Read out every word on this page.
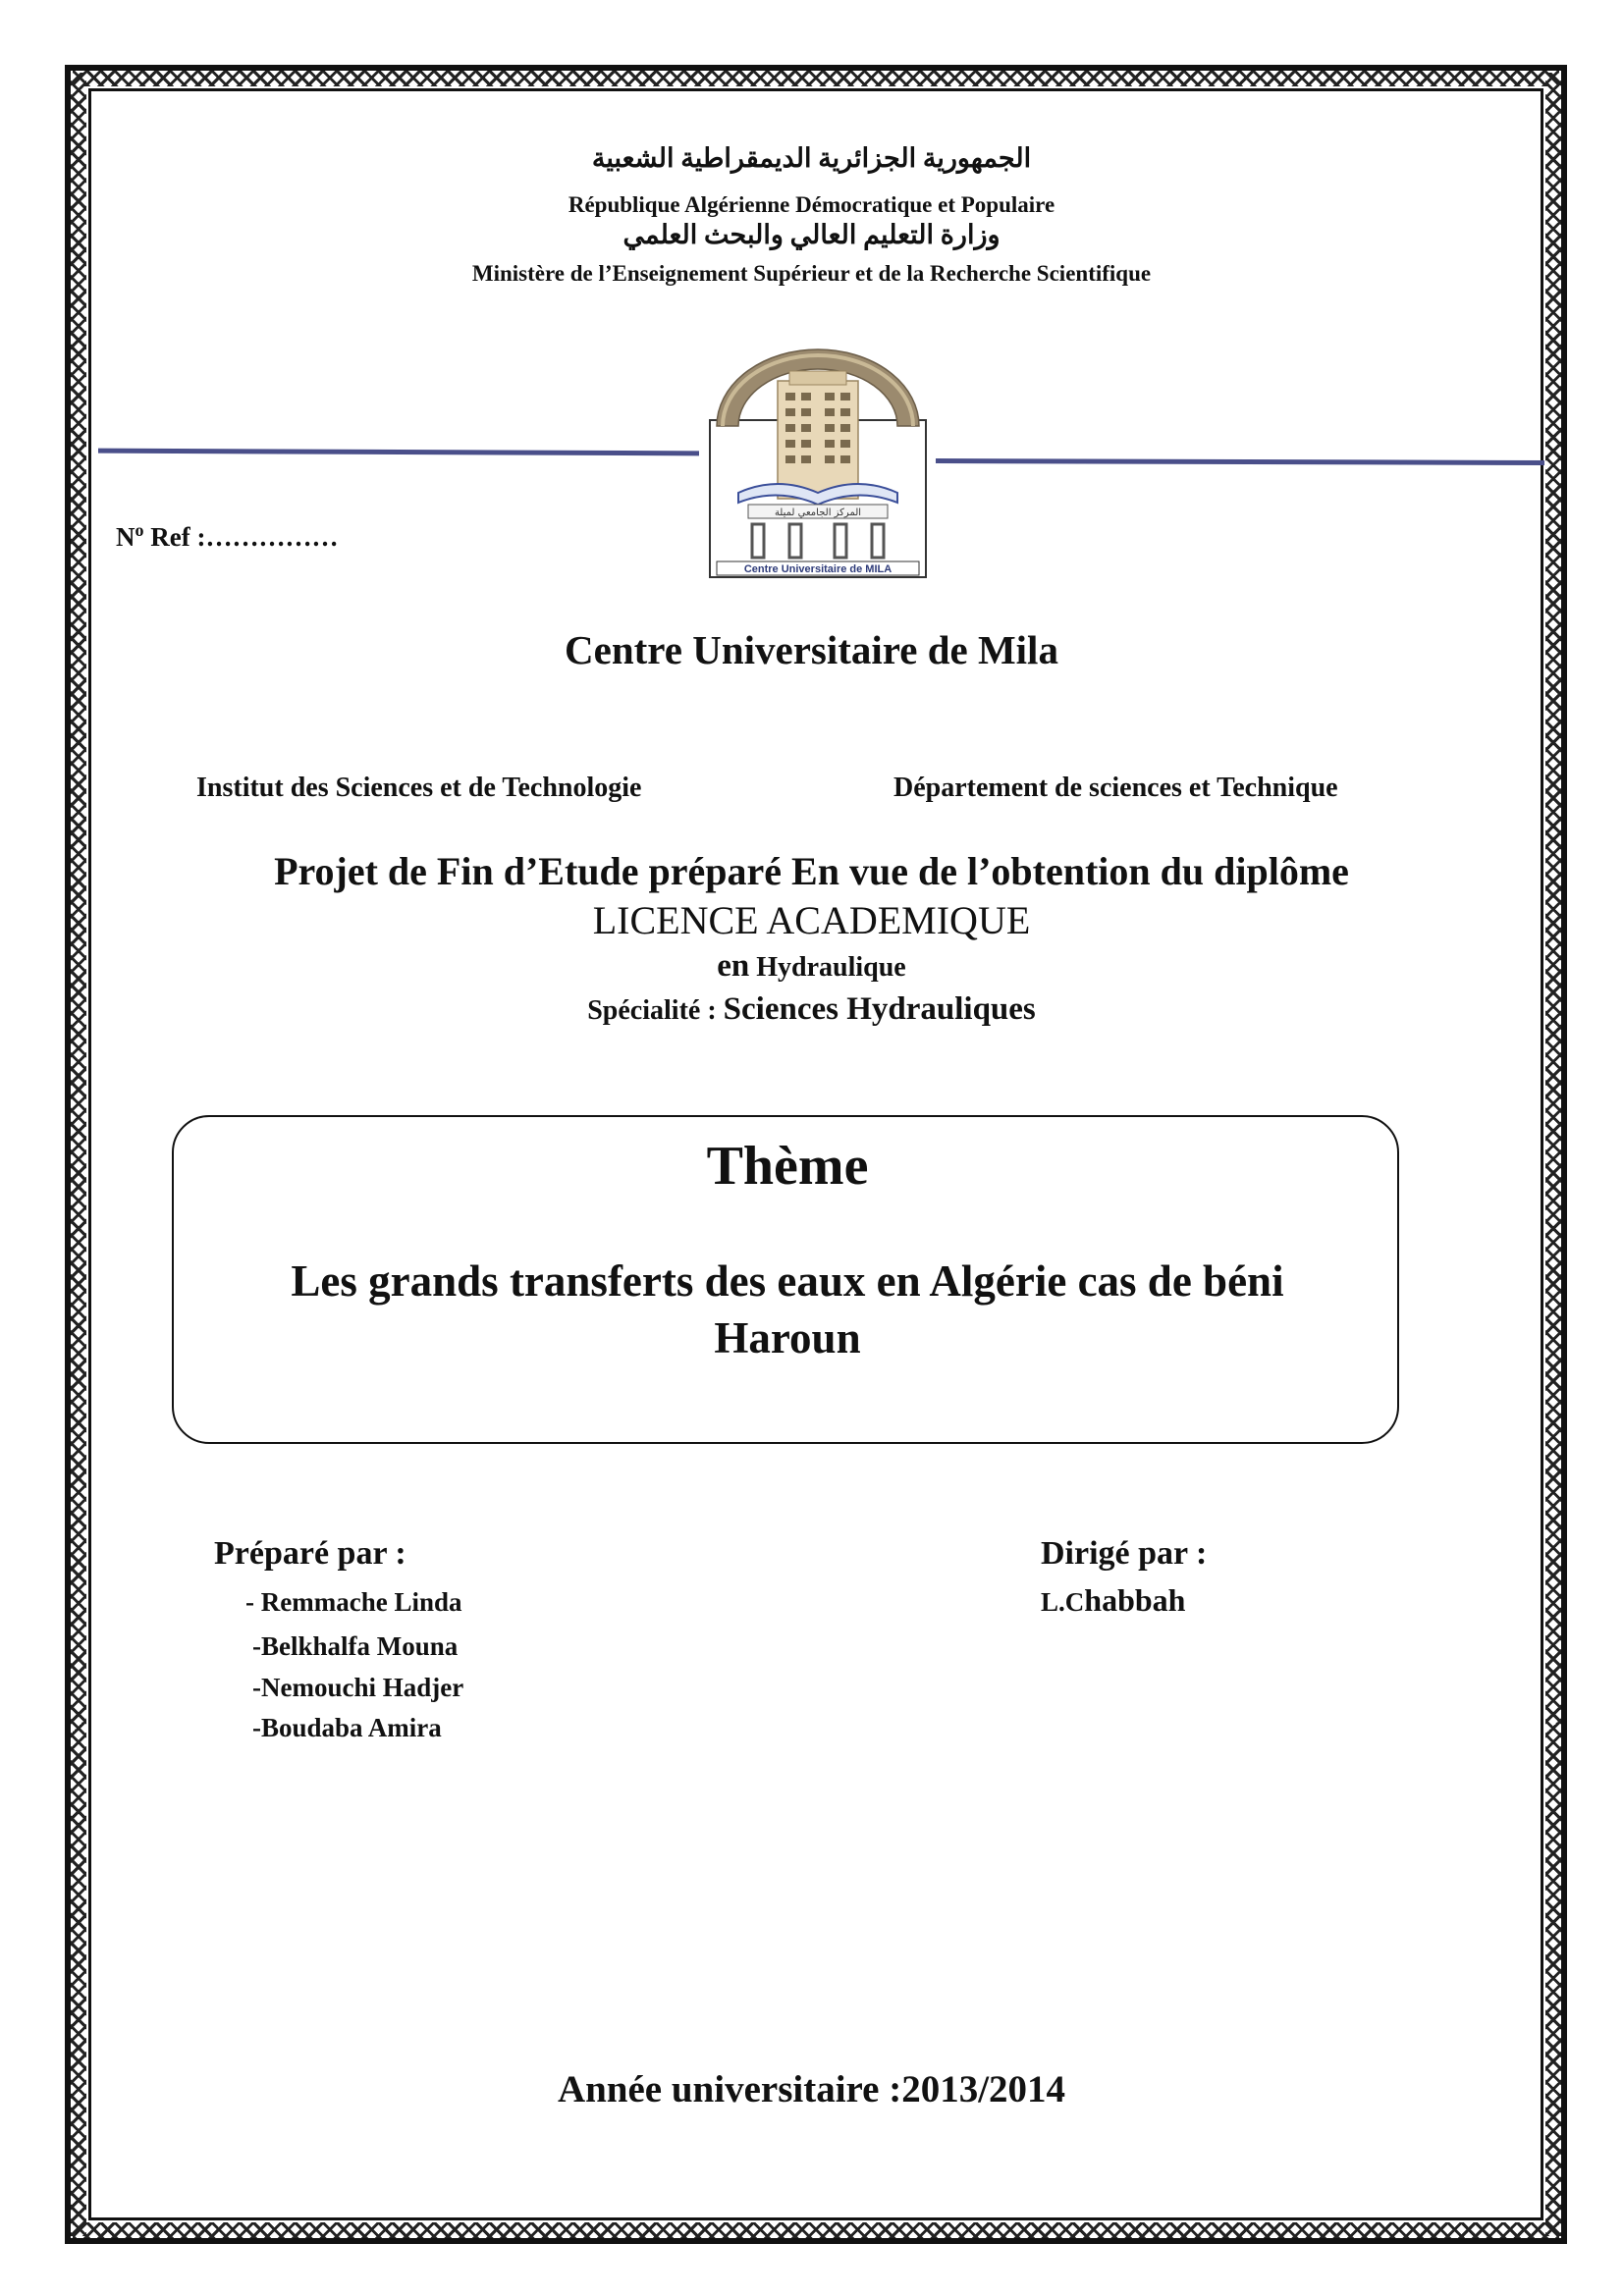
الجمهورية الجزائرية الديمقراطية الشعبية
République Algérienne Démocratique et Populaire
وزارة التعليم العالي والبحث العلمي
Ministère de l’Enseignement Supérieur et de la Recherche Scientifique
المركز الجامعي لميلة
Centre Universitaire de MILA
$N^o$ Ref :……………
Centre Universitaire de Mila
Institut des Sciences et de Technologie	Département de sciences et Technique
Projet de Fin d’Etude préparé En vue de l’obtention du diplôme
LICENCE ACADEMIQUE
en Hydraulique
Spécialité : Sciences Hydrauliques
Thème
Les grands transferts des eaux en Algérie cas de béni
Haroun
Préparé par :
- Remmache Linda
-Belkhalfa Mouna
-Nemouchi Hadjer
-Boudaba Amira
Dirigé par :
L.Chabbah
Année universitaire :2013/2014
